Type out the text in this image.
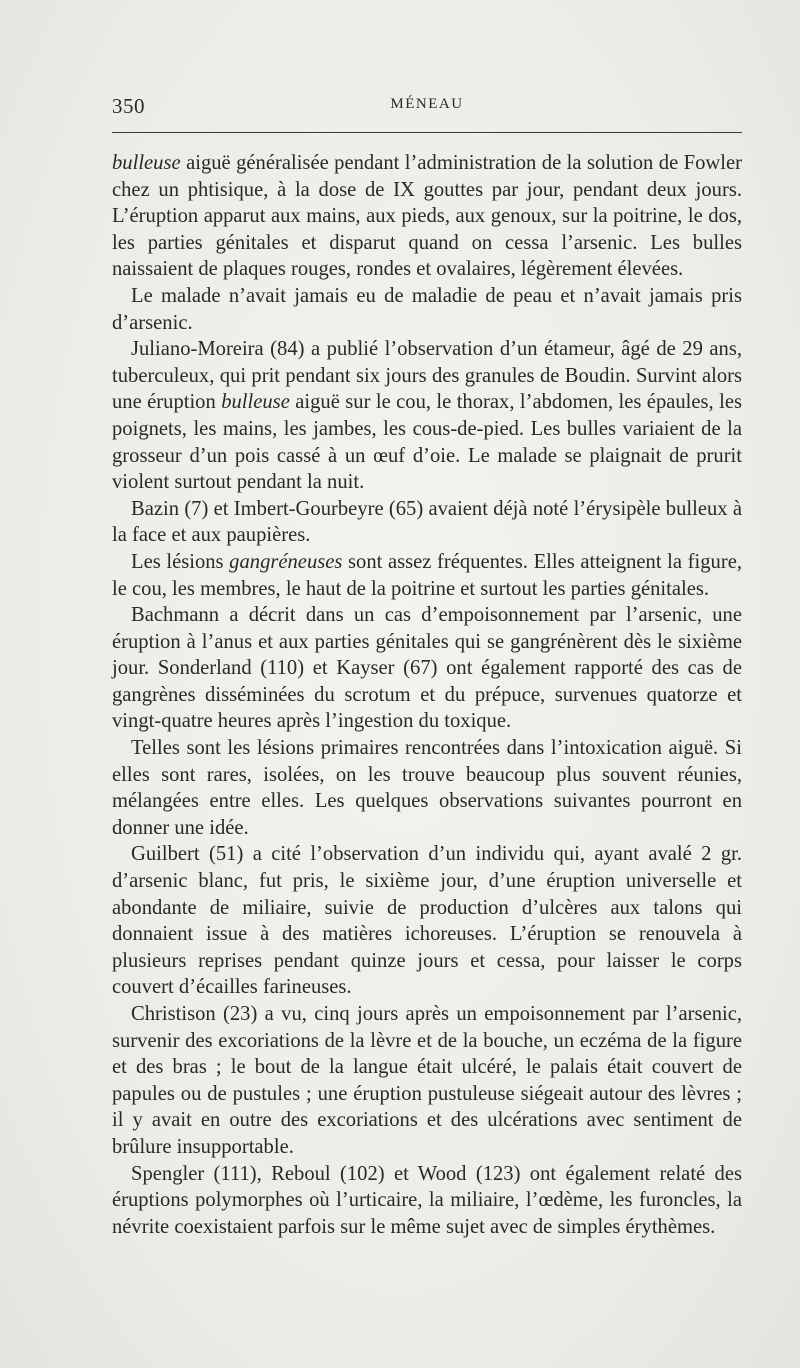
350	MÉNEAU

bulleuse aiguë généralisée pendant l’administration de la solution de Fowler chez un phtisique, à la dose de IX gouttes par jour, pendant deux jours. L’éruption apparut aux mains, aux pieds, aux genoux, sur la poitrine, le dos, les parties génitales et disparut quand on cessa l’arsenic. Les bulles naissaient de plaques rouges, rondes et ovalaires, légèrement élevées.

Le malade n’avait jamais eu de maladie de peau et n’avait jamais pris d’arsenic.

Juliano-Moreira (84) a publié l’observation d’un étameur, âgé de 29 ans, tuberculeux, qui prit pendant six jours des granules de Boudin. Survint alors une éruption bulleuse aiguë sur le cou, le thorax, l’abdomen, les épaules, les poignets, les mains, les jambes, les cous-de-pied. Les bulles variaient de la grosseur d’un pois cassé à un œuf d’oie. Le malade se plaignait de prurit violent surtout pendant la nuit.

Bazin (7) et Imbert-Gourbeyre (65) avaient déjà noté l’érysipèle bulleux à la face et aux paupières.

Les lésions gangréneuses sont assez fréquentes. Elles atteignent la figure, le cou, les membres, le haut de la poitrine et surtout les parties génitales.

Bachmann a décrit dans un cas d’empoisonnement par l’arsenic, une éruption à l’anus et aux parties génitales qui se gangrénèrent dès le sixième jour. Sonderland (110) et Kayser (67) ont également rapporté des cas de gangrènes disséminées du scrotum et du prépuce, survenues quatorze et vingt-quatre heures après l’ingestion du toxique.

Telles sont les lésions primaires rencontrées dans l’intoxication aiguë. Si elles sont rares, isolées, on les trouve beaucoup plus souvent réunies, mélangées entre elles. Les quelques observations suivantes pourront en donner une idée.

Guilbert (51) a cité l’observation d’un individu qui, ayant avalé 2 gr. d’arsenic blanc, fut pris, le sixième jour, d’une éruption universelle et abondante de miliaire, suivie de production d’ulcères aux talons qui donnaient issue à des matières ichoreuses. L’éruption se renouvela à plusieurs reprises pendant quinze jours et cessa, pour laisser le corps couvert d’écailles farineuses.

Christison (23) a vu, cinq jours après un empoisonnement par l’arsenic, survenir des excoriations de la lèvre et de la bouche, un eczéma de la figure et des bras ; le bout de la langue était ulcéré, le palais était couvert de papules ou de pustules ; une éruption pustuleuse siégeait autour des lèvres ; il y avait en outre des excoriations et des ulcérations avec sentiment de brûlure insupportable.

Spengler (111), Reboul (102) et Wood (123) ont également relaté des éruptions polymorphes où l’urticaire, la miliaire, l’œdème, les furoncles, la névrite coexistaient parfois sur le même sujet avec de simples érythèmes.
